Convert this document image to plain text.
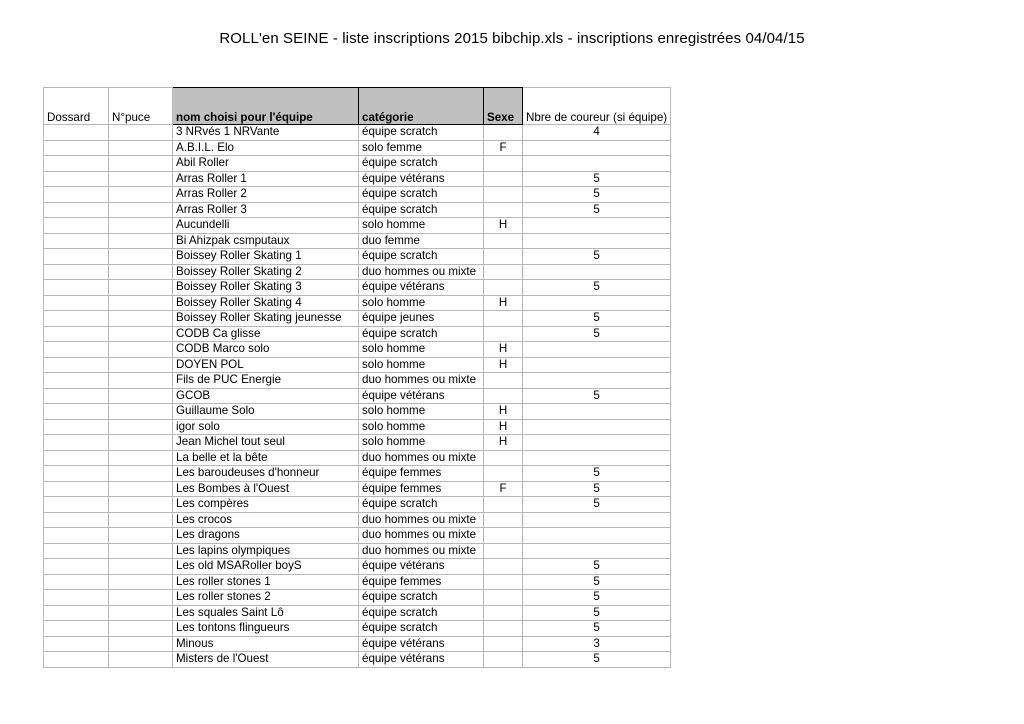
ROLL'en SEINE - liste inscriptions 2015 bibchip.xls - inscriptions enregistrées 04/04/15
Dossard	N°puce	nom choisi pour l'équipe	catégorie	Sexe	Nbre de coureur (si équipe)
		3 NRvés 1 NRVante	équipe scratch		4
		A.B.I.L. Elo	solo femme	F	
		Abil Roller	équipe scratch		
		Arras Roller 1	équipe vétérans		5
		Arras Roller 2	équipe scratch		5
		Arras Roller 3	équipe scratch		5
		Aucundelli	solo homme	H	
		Bi Ahizpak csmputaux	duo femme		
		Boissey Roller Skating 1	équipe scratch		5
		Boissey Roller Skating 2	duo hommes ou mixte		
		Boissey Roller Skating 3	équipe vétérans		5
		Boissey Roller Skating 4	solo homme	H	
		Boissey Roller Skating jeunesse	équipe jeunes		5
		CODB Ca glisse	équipe scratch		5
		CODB Marco solo	solo homme	H	
		DOYEN POL	solo homme	H	
		Fils de PUC Energie	duo hommes ou mixte		
		GCOB	équipe vétérans		5
		Guillaume Solo	solo homme	H	
		igor solo	solo homme	H	
		Jean Michel tout seul	solo homme	H	
		La belle et la bête	duo hommes ou mixte		
		Les baroudeuses d'honneur	équipe femmes		5
		Les Bombes à l'Ouest	équipe femmes	F	5
		Les compères	équipe scratch		5
		Les crocos	duo hommes ou mixte		
		Les dragons	duo hommes ou mixte		
		Les lapins olympiques	duo hommes ou mixte		
		Les old MSARoller boyS	équipe vétérans		5
		Les roller stones 1	équipe femmes		5
		Les roller stones 2	équipe scratch		5
		Les squales Saint Lô	équipe scratch		5
		Les tontons flingueurs	équipe scratch		5
		Minous	équipe vétérans		3
		Misters de l'Ouest	équipe vétérans		5
